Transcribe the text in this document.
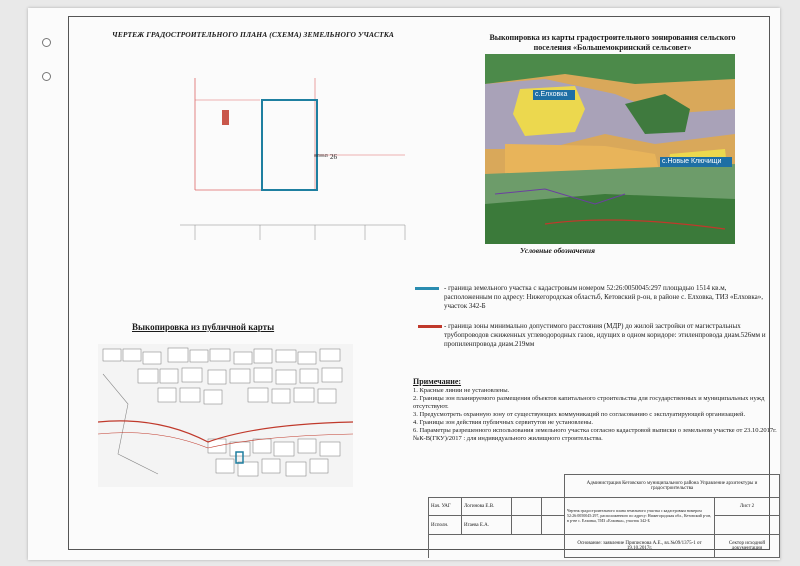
ЧЕРТЕЖ ГРАДОСТРОИТЕЛЬНОГО ПЛАНА (СХЕМА) ЗЕМЕЛЬНОГО УЧАСТКА	Выкопировка из карты градостроительного зонирования сельского поселения «Большемокринский сельсовет»
26
0050045
с.Елховка
с.Новые Ключищи
Условные обозначения
- граница земельного участка с кадастровым номером 52:26:0050045:297 площадью 1514 кв.м, расположенным по адресу: Нижегородская областьб, Кетовский р-он, в районе с. Елховка, ТИЗ «Елховка», участок 342-Б
- граница зоны минимально допустимого расстояния (МДР) до жилой застройки от магистральных трубопроводов сжиженных углеводородных газов, идущих в одном коридоре: этиленпровода диам.526мм и пропиленпровода диам.219мм
Примечание:
1. Красные линии не установлены.
2. Границы зон планируемого размещения объектов капитального строительства для государственных и муниципальных нужд отсутствуют.
3. Предусмотреть охранную зону от существующих коммуникаций по согласованию с эксплуатирующей организацией.
4. Границы зон действия публичных сервитутов не установлены.
6. Параметры разрешенного использования земельного участка согласно кадастровой выписки о земельном участке от 23.10.2017г. №К-В(ГКУ)/2017 : для индивидуального жилищного строительства.
Выкопировка из публичной карты
				Администрация Кетовского муниципального района Управление архитектуры и градостроительства	
Нач. УАГ	Логинова Е.В.			Чертеж градостроительного плана земельного участка с кадастровым номером 52:26:0050045:297, расположенного по адресу: Нижегородская обл., Кетовский р-он, в р-не с. Елховка, ТИЗ «Елховка», участок 342-Б	Лист 2
Исполн.	Игаева Е.А.				
				Основание: заявление Приписнова А.Е., вх.№09/1375-1 от 19.10.2017г.	Сектор исходной документации
